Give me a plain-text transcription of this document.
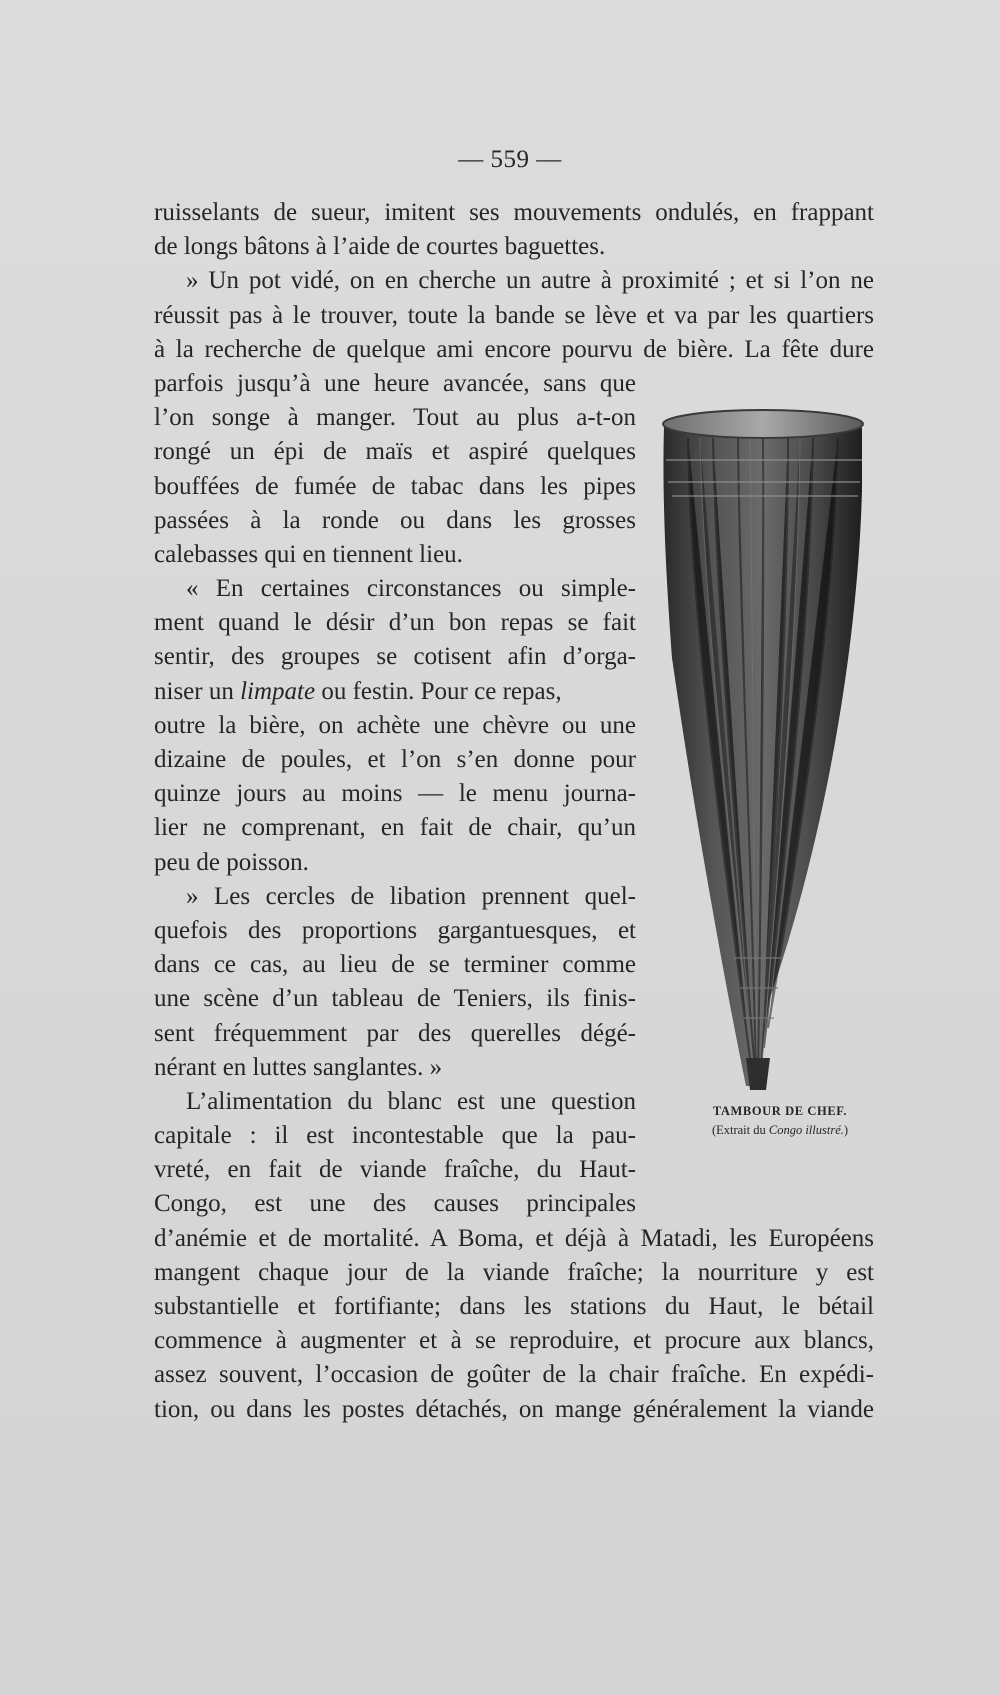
— 559 —
ruisselants de sueur, imitent ses mouvements ondulés, en frappant
de longs bâtons à l’aide de courtes baguettes.
» Un pot vidé, on en cherche un autre à proximité ; et si l’on ne
réussit pas à le trouver, toute la bande se lève et va par les quartiers
à la recherche de quelque ami encore pourvu de bière. La fête dure
parfois jusqu’à une heure avancée, sans que
l’on songe à manger. Tout au plus a-t-on
rongé un épi de maïs et aspiré quelques
bouffées de fumée de tabac dans les pipes
passées à la ronde ou dans les grosses
calebasses qui en tiennent lieu.
« En certaines circonstances ou simple-
ment quand le désir d’un bon repas se fait
sentir, des groupes se cotisent afin d’orga-
niser un limpate ou festin. Pour ce repas,
outre la bière, on achète une chèvre ou une
dizaine de poules, et l’on s’en donne pour
quinze jours au moins — le menu journa-
lier ne comprenant, en fait de chair, qu’un
peu de poisson.
» Les cercles de libation prennent quel-
quefois des proportions gargantuesques, et
dans ce cas, au lieu de se terminer comme
une scène d’un tableau de Teniers, ils finis-
sent fréquemment par des querelles dégé-
nérant en luttes sanglantes. »
L’alimentation du blanc est une question
capitale : il est incontestable que la pau-
vreté, en fait de viande fraîche, du Haut-
Congo, est une des causes principales
d’anémie et de mortalité. A Boma, et déjà à Matadi, les Européens
mangent chaque jour de la viande fraîche; la nourriture y est
substantielle et fortifiante; dans les stations du Haut, le bétail
commence à augmenter et à se reproduire, et procure aux blancs,
assez souvent, l’occasion de goûter de la chair fraîche. En expédi-
tion, ou dans les postes détachés, on mange généralement la viande
TAMBOUR DE CHEF.
(Extrait du Congo illustré.)
